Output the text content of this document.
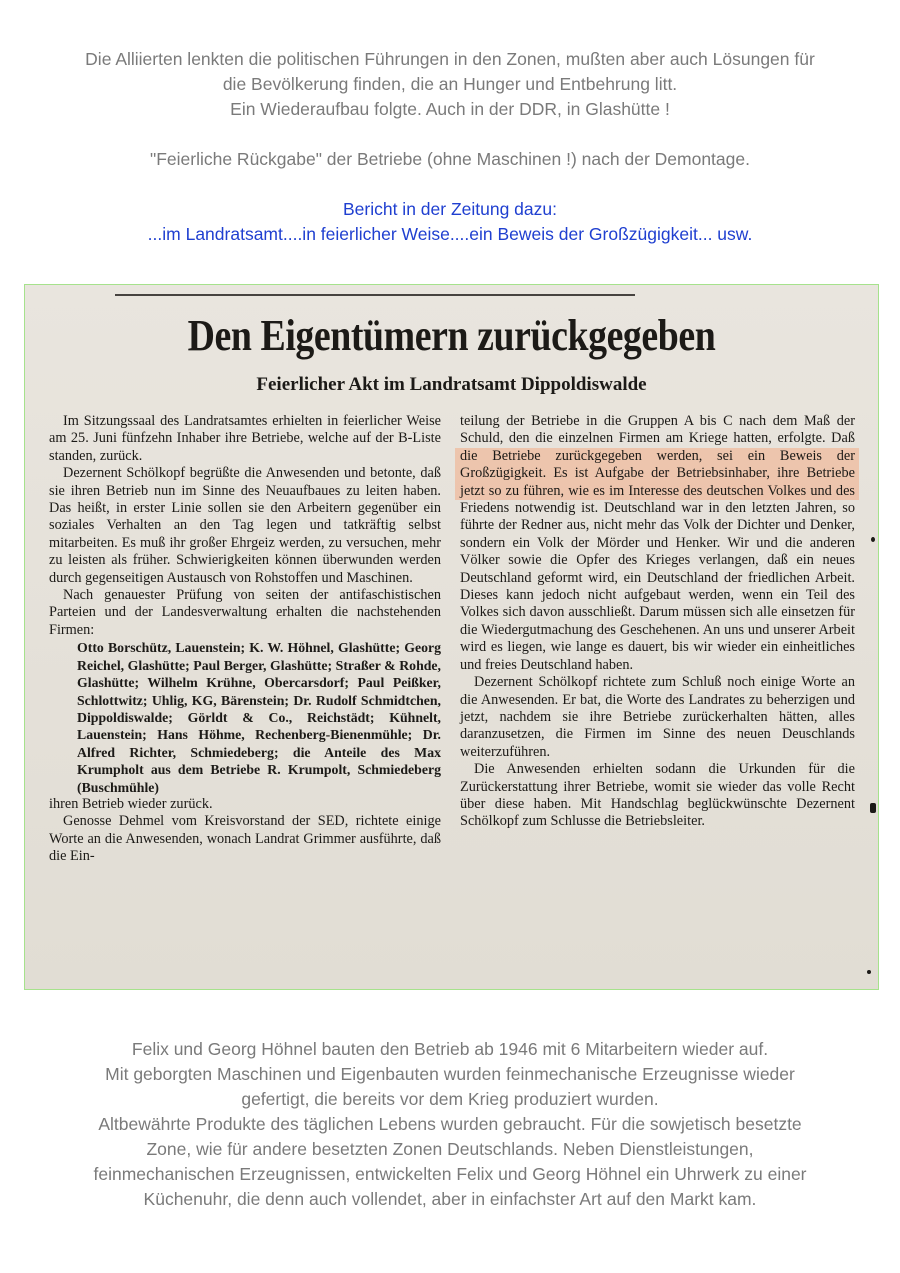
Die Alliierten lenkten die politischen Führungen in den Zonen, mußten aber auch Lösungen für

die Bevölkerung finden, die an Hunger und Entbehrung litt.

Ein Wiederaufbau folgte. Auch in der DDR, in Glashütte !

"Feierliche Rückgabe" der Betriebe (ohne Maschinen !) nach der Demontage.

Bericht in der Zeitung dazu:

...im Landratsamt....in feierlicher Weise....ein Beweis der Großzügigkeit... usw.

Den Eigentümern zurückgegeben
Feierlicher Akt im Landratsamt Dippoldiswalde

Im Sitzungssaal des Landratsamtes erhielten in feierlicher Weise am 25. Juni fünfzehn Inhaber ihre Betriebe, welche auf der B-Liste standen, zurück.

Dezernent Schölkopf begrüßte die Anwesenden und betonte, daß sie ihren Betrieb nun im Sinne des Neuaufbaues zu leiten haben. Das heißt, in erster Linie sollen sie den Arbeitern gegenüber ein soziales Verhalten an den Tag legen und tatkräftig selbst mitarbeiten. Es muß ihr großer Ehrgeiz werden, zu versuchen, mehr zu leisten als früher. Schwierigkeiten können überwunden werden durch gegenseitigen Austausch von Rohstoffen und Maschinen.

Nach genauester Prüfung von seiten der antifaschistischen Parteien und der Landesverwaltung erhalten die nachstehenden Firmen:

Otto Borschütz, Lauenstein; K. W. Höhnel, Glashütte; Georg Reichel, Glashütte; Paul Berger, Glashütte; Straßer & Rohde, Glashütte; Wilhelm Krühne, Obercarsdorf; Paul Peißker, Schlottwitz; Uhlig, KG, Bärenstein; Dr. Rudolf Schmidtchen, Dippoldiswalde; Görldt & Co., Reichstädt; Kühnelt, Lauenstein; Hans Höhme, Rechenberg-Bienenmühle; Dr. Alfred Richter, Schmiedeberg; die Anteile des Max Krumpholt aus dem Betriebe R. Krumpolt, Schmiedeberg (Buschmühle)

ihren Betrieb wieder zurück.

Genosse Dehmel vom Kreisvorstand der SED, richtete einige Worte an die Anwesenden, wonach Landrat Grimmer ausführte, daß die Ein-

teilung der Betriebe in die Gruppen A bis C nach dem Maß der Schuld, den die einzelnen Firmen am Kriege hatten, erfolgte. Daß die Betriebe zurückgegeben werden, sei ein Beweis der Großzügigkeit. Es ist Aufgabe der Betriebsinhaber, ihre Betriebe jetzt so zu führen, wie es im Interesse des deutschen Volkes und des Friedens notwendig ist. Deutschland war in den letzten Jahren, so führte der Redner aus, nicht mehr das Volk der Dichter und Denker, sondern ein Volk der Mörder und Henker. Wir und die anderen Völker sowie die Opfer des Krieges verlangen, daß ein neues Deutschland geformt wird, ein Deutschland der friedlichen Arbeit. Dieses kann jedoch nicht aufgebaut werden, wenn ein Teil des Volkes sich davon ausschließt. Darum müssen sich alle einsetzen für die Wiedergutmachung des Geschehenen. An uns und unserer Arbeit wird es liegen, wie lange es dauert, bis wir wieder ein einheitliches und freies Deutschland haben.

Dezernent Schölkopf richtete zum Schluß noch einige Worte an die Anwesenden. Er bat, die Worte des Landrates zu beherzigen und jetzt, nachdem sie ihre Betriebe zurückerhalten hätten, alles daranzusetzen, die Firmen im Sinne des neuen Deuschlands weiterzuführen.

Die Anwesenden erhielten sodann die Urkunden für die Zurückerstattung ihrer Betriebe, womit sie wieder das volle Recht über diese haben. Mit Handschlag beglückwünschte Dezernent Schölkopf zum Schlusse die Betriebsleiter.

Felix und Georg Höhnel bauten den Betrieb ab 1946 mit 6 Mitarbeitern wieder auf.

Mit geborgten Maschinen und Eigenbauten wurden feinmechanische Erzeugnisse wieder

gefertigt, die bereits vor dem Krieg produziert wurden.

Altbewährte Produkte des täglichen Lebens wurden gebraucht. Für die sowjetisch besetzte

Zone, wie für andere besetzten Zonen Deutschlands. Neben Dienstleistungen,

feinmechanischen Erzeugnissen, entwickelten Felix und Georg Höhnel ein Uhrwerk zu einer

Küchenuhr, die denn auch vollendet, aber in einfachster Art auf den Markt kam.
